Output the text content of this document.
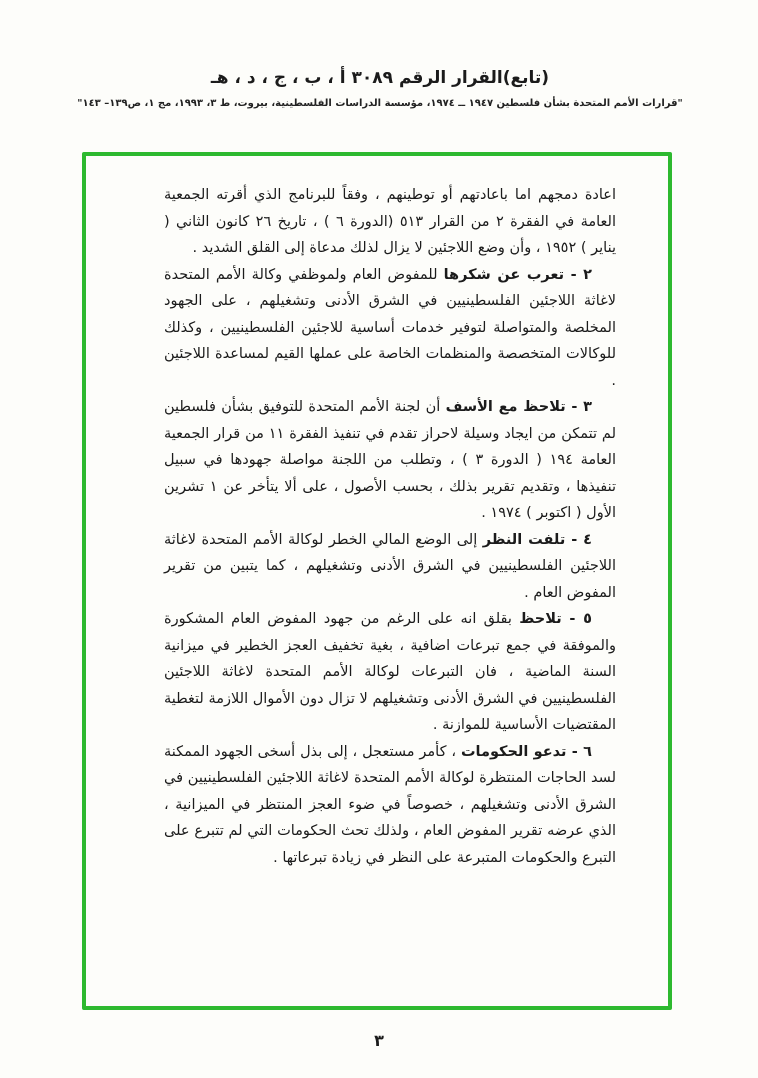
(تابع)القرار الرقم ٣٠٨٩ أ ، ب ، ج ، د ، هـ
"قرارات الأمم المتحدة بشأن فلسطين ١٩٤٧ ــ ١٩٧٤، مؤسسة الدراسات الفلسطينية، بيروت، ط ٣، ١٩٩٣، مج ١، ص١٣٩– ١٤٣"

اعادة دمجهم اما باعادتهم أو توطينهم ، وفقاً للبرنامج الذي أقرته الجمعية العامة في الفقرة ٢ من القرار ٥١٣ (الدورة ٦ ) ، تاريخ ٢٦ كانون الثاني ( يناير ) ١٩٥٢ ، وأن وضع اللاجئين لا يزال لذلك مدعاة إلى القلق الشديد .

٢ - تعرب عن شكرها للمفوض العام ولموظفي وكالة الأمم المتحدة لاغاثة اللاجئين الفلسطينيين في الشرق الأدنى وتشغيلهم ، على الجهود المخلصة والمتواصلة لتوفير خدمات أساسية للاجئين الفلسطينيين ، وكذلك للوكالات المتخصصة والمنظمات الخاصة على عملها القيم لمساعدة اللاجئين .

٣ - تلاحظ مع الأسف أن لجنة الأمم المتحدة للتوفيق بشأن فلسطين لم تتمكن من ايجاد وسيلة لاحراز تقدم في تنفيذ الفقرة ١١ من قرار الجمعية العامة ١٩٤ ( الدورة ٣ ) ، وتطلب من اللجنة مواصلة جهودها في سبيل تنفيذها ، وتقديم تقرير بذلك ، بحسب الأصول ، على ألا يتأخر عن ١ تشرين الأول ( اكتوبر ) ١٩٧٤ .

٤ - تلفت النظر إلى الوضع المالي الخطر لوكالة الأمم المتحدة لاغاثة اللاجئين الفلسطينيين في الشرق الأدنى وتشغيلهم ، كما يتبين من تقرير المفوض العام .

٥ - تلاحظ بقلق انه على الرغم من جهود المفوض العام المشكورة والموفقة في جمع تبرعات اضافية ، بغية تخفيف العجز الخطير في ميزانية السنة الماضية ، فان التبرعات لوكالة الأمم المتحدة لاغاثة اللاجئين الفلسطينيين في الشرق الأدنى وتشغيلهم لا تزال دون الأموال اللازمة لتغطية المقتضيات الأساسية للموازنة .

٦ - تدعو الحكومات ، كأمر مستعجل ، إلى بذل أسخى الجهود الممكنة لسد الحاجات المنتظرة لوكالة الأمم المتحدة لاغاثة اللاجئين الفلسطينيين في الشرق الأدنى وتشغيلهم ، خصوصاً في ضوء العجز المنتظر في الميزانية ، الذي عرضه تقرير المفوض العام ، ولذلك تحث الحكومات التي لم تتبرع على التبرع والحكومات المتبرعة على النظر في زيادة تبرعاتها .

٣
